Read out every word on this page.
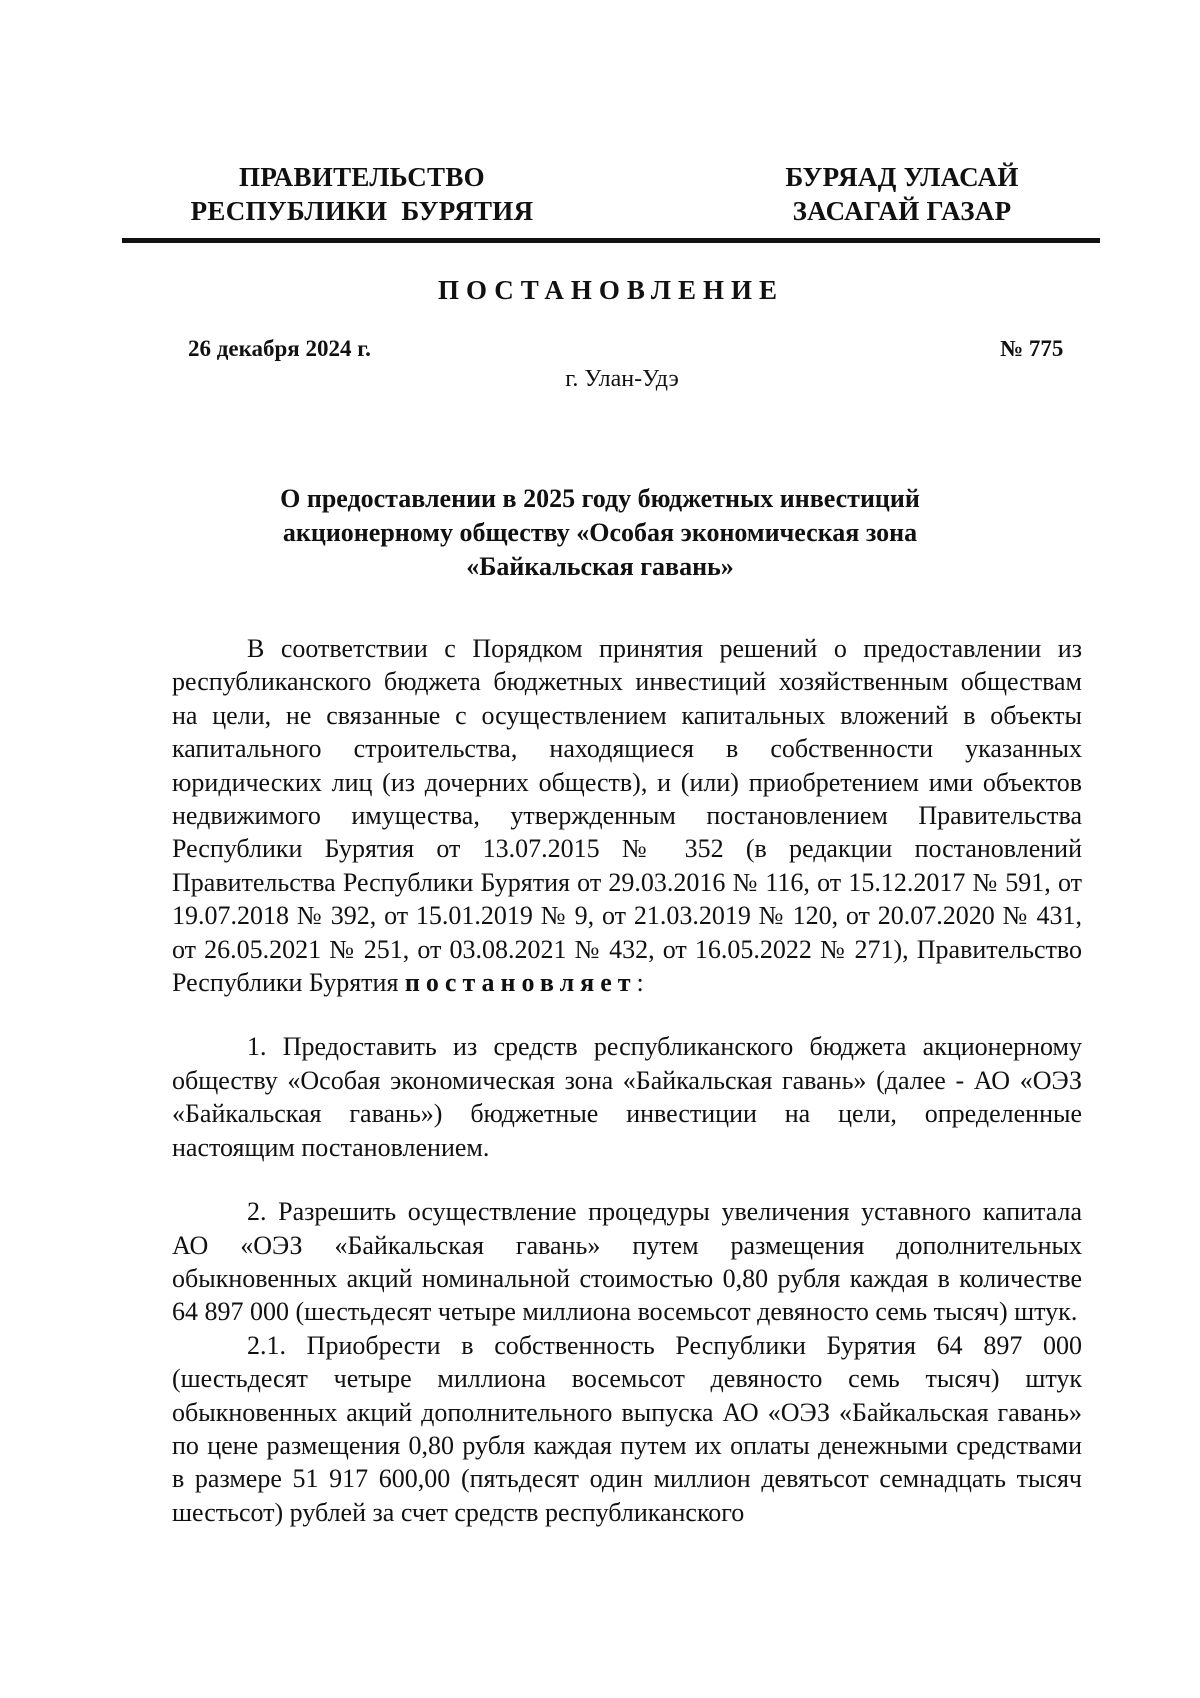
ПРАВИТЕЛЬСТВО
РЕСПУБЛИКИ  БУРЯТИЯ
БУРЯАД УЛАСАЙ
ЗАСАГАЙ ГАЗАР
ПОСТАНОВЛЕНИЕ
26 декабря 2024 г.	№ 775
г. Улан-Удэ
О предоставлении в 2025 году бюджетных инвестиций
акционерному обществу «Особая экономическая зона
«Байкальская гавань»

В соответствии с Порядком принятия решений о предоставлении из республиканского бюджета бюджетных инвестиций хозяйственным обществам на цели, не связанные с осуществлением капитальных вложений в объекты капитального строительства, находящиеся в собственности указанных юридических лиц (из дочерних обществ), и (или) приобретением ими объектов недвижимого имущества, утвержденным постановлением Правительства Республики Бурятия от 13.07.2015 № 352 (в редакции постановлений Правительства Республики Бурятия от 29.03.2016 № 116, от 15.12.2017 № 591, от 19.07.2018 № 392, от 15.01.2019 № 9, от 21.03.2019 № 120, от 20.07.2020 № 431, от 26.05.2021 № 251, от 03.08.2021 № 432, от 16.05.2022 № 271), Правительство Республики Бурятия постановляет:

1. Предоставить из средств республиканского бюджета акционерному обществу «Особая экономическая зона «Байкальская гавань» (далее - АО «ОЭЗ «Байкальская гавань») бюджетные инвестиции на цели, определенные настоящим постановлением.

2. Разрешить осуществление процедуры увеличения уставного капитала АО «ОЭЗ «Байкальская гавань» путем размещения дополнительных обыкновенных акций номинальной стоимостью 0,80 рубля каждая в количестве 64 897 000 (шестьдесят четыре миллиона восемьсот девяносто семь тысяч) штук.

2.1. Приобрести в собственность Республики Бурятия 64 897 000 (шестьдесят четыре миллиона восемьсот девяносто семь тысяч) штук обыкновенных акций дополнительного выпуска АО «ОЭЗ «Байкальская гавань» по цене размещения 0,80 рубля каждая путем их оплаты денежными средствами в размере 51 917 600,00 (пятьдесят один миллион девятьсот семнадцать тысяч шестьсот) рублей за счет средств республиканского
